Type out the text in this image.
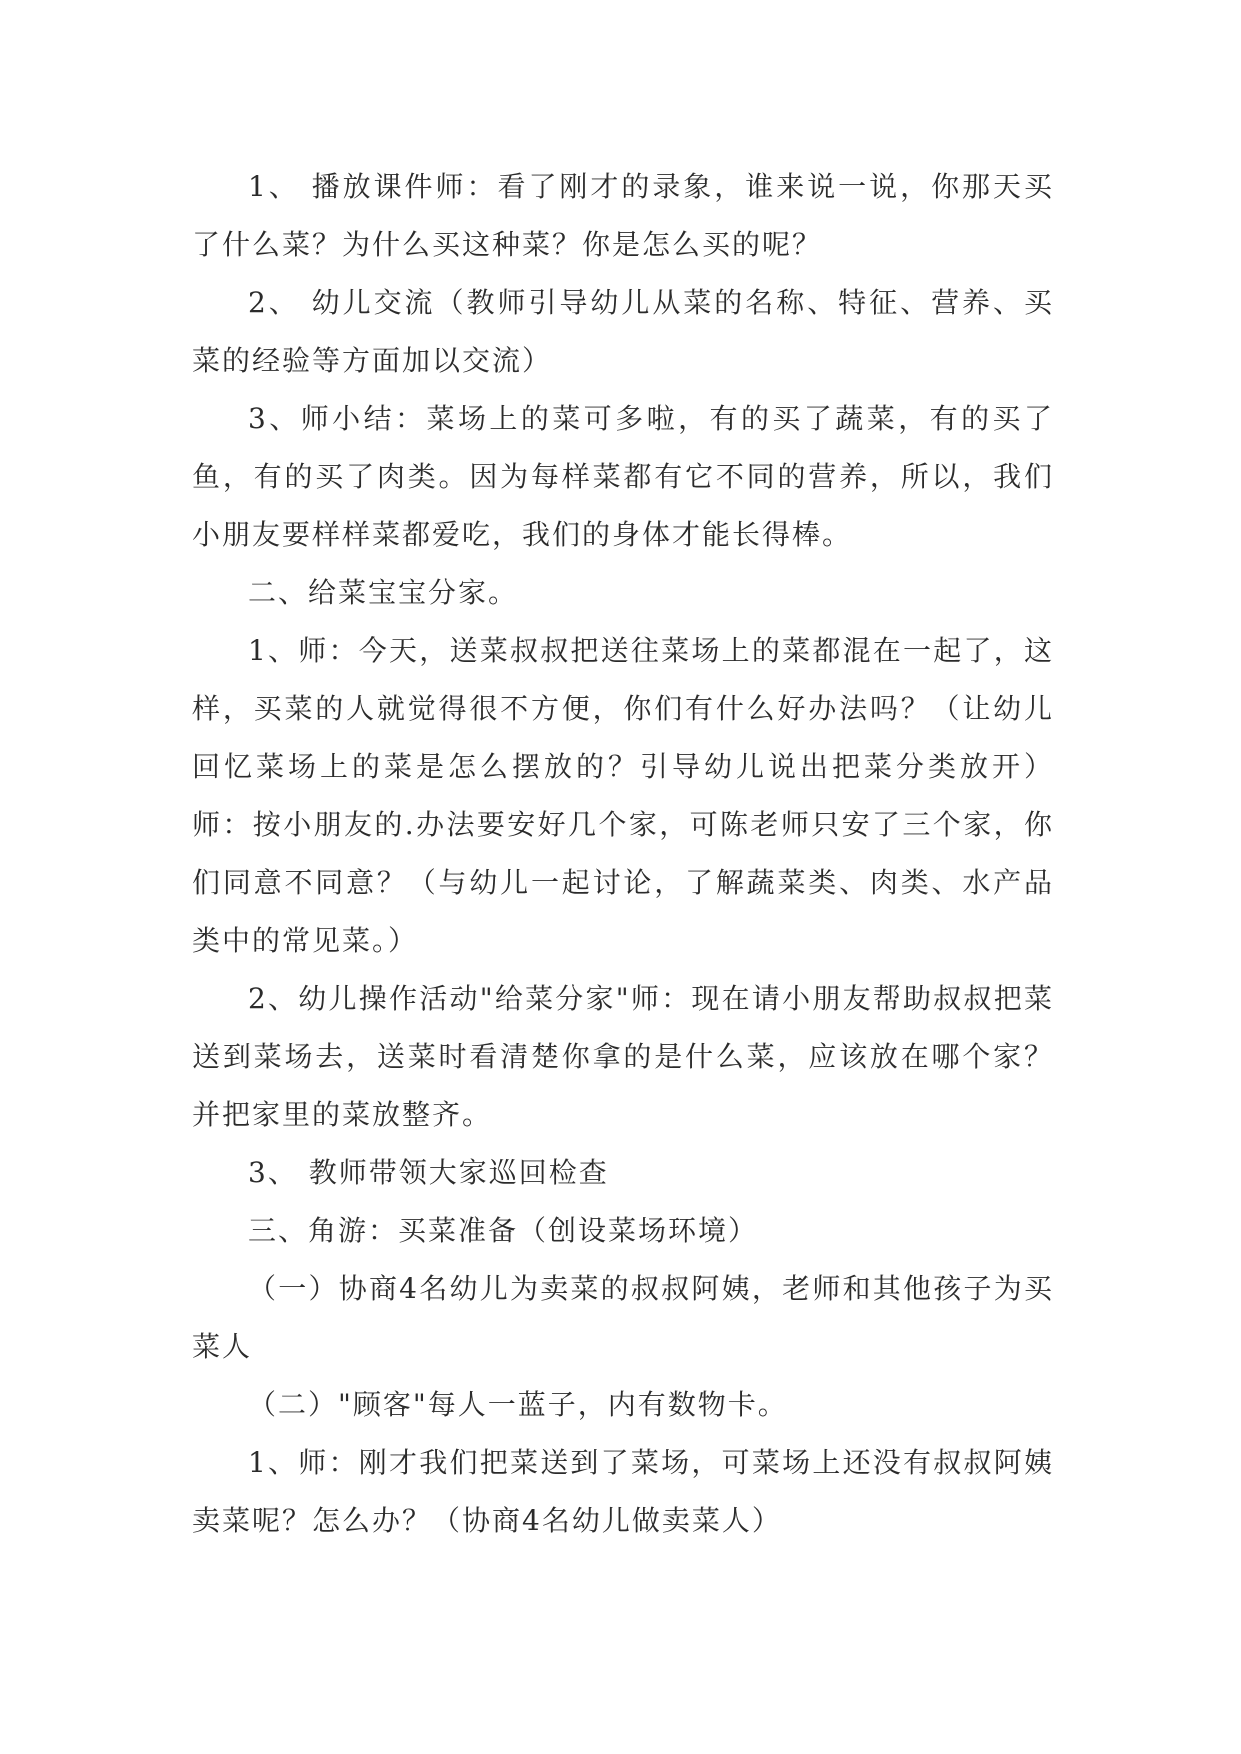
1、 播放课件师：看了刚才的录象，谁来说一说，你那天买了什么菜？为什么买这种菜？你是怎么买的呢？

2、 幼儿交流（教师引导幼儿从菜的名称、特征、营养、买菜的经验等方面加以交流）

3、师小结：菜场上的菜可多啦，有的买了蔬菜，有的买了鱼，有的买了肉类。因为每样菜都有它不同的营养，所以，我们小朋友要样样菜都爱吃，我们的身体才能长得棒。

二、给菜宝宝分家。

1、师：今天，送菜叔叔把送往菜场上的菜都混在一起了，这样，买菜的人就觉得很不方便，你们有什么好办法吗？（让幼儿回忆菜场上的菜是怎么摆放的？引导幼儿说出把菜分类放开）师：按小朋友的.办法要安好几个家，可陈老师只安了三个家，你们同意不同意？（与幼儿一起讨论，了解蔬菜类、肉类、水产品类中的常见菜。）

2、幼儿操作活动"给菜分家"师：现在请小朋友帮助叔叔把菜送到菜场去，送菜时看清楚你拿的是什么菜，应该放在哪个家？并把家里的菜放整齐。

3、 教师带领大家巡回检查

三、角游：买菜准备（创设菜场环境）

（一）协商4名幼儿为卖菜的叔叔阿姨，老师和其他孩子为买菜人

（二）"顾客"每人一蓝子，内有数物卡。

1、师：刚才我们把菜送到了菜场，可菜场上还没有叔叔阿姨卖菜呢？怎么办？（协商4名幼儿做卖菜人）
